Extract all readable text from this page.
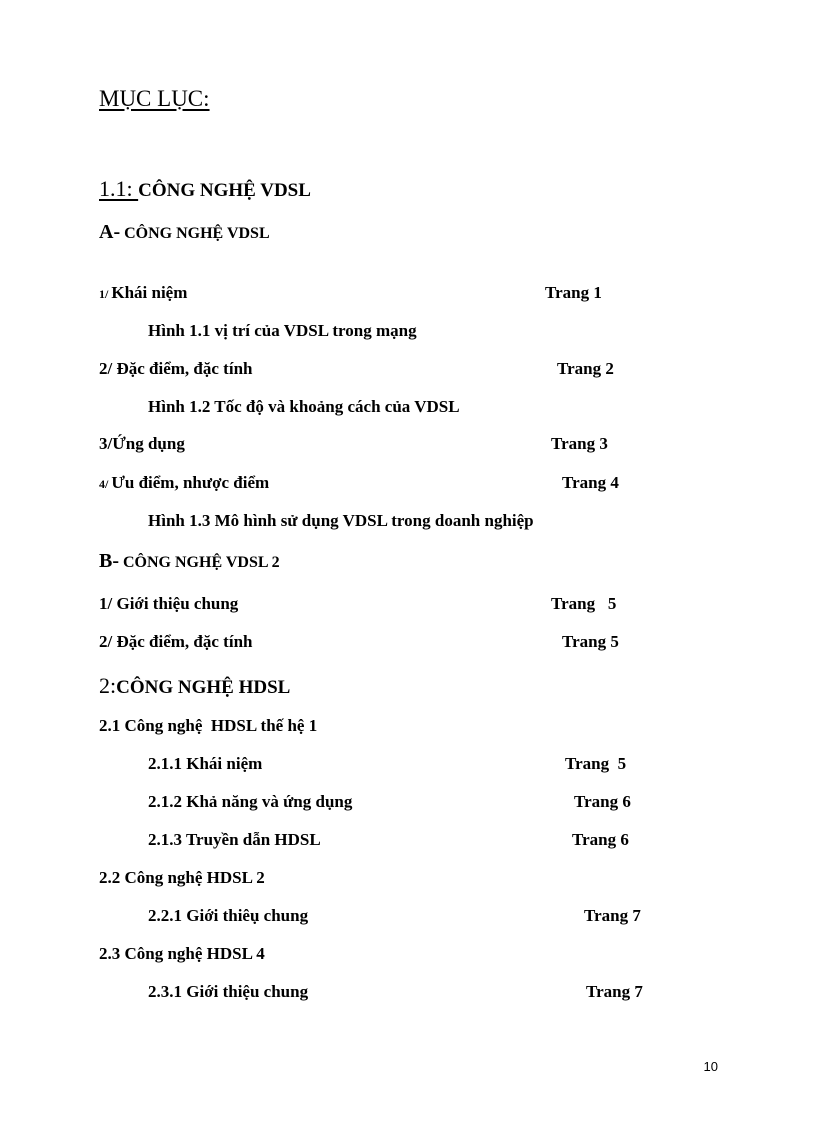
MỤC LỤC:
1.1: CÔNG NGHỆ VDSL
A- CÔNG NGHỆ VDSL
1/ Khái niệm	Trang 1
Hình 1.1 vị trí của VDSL trong mạng
2/ Đặc điểm, đặc tính	Trang 2
Hình 1.2 Tốc độ và khoảng cách của VDSL
3/Ứng dụng	Trang 3
4/ Ưu điểm, nhược điểm	Trang 4
Hình 1.3 Mô hình sử dụng VDSL trong doanh nghiệp
B- CÔNG NGHỆ VDSL 2
1/ Giới thiệu chung	Trang   5
2/ Đặc điểm, đặc tính	Trang 5
2:CÔNG NGHỆ HDSL
2.1 Công nghệ  HDSL thế hệ 1
2.1.1 Khái niệm	Trang  5
2.1.2 Khả năng và ứng dụng	Trang 6
2.1.3 Truyền dẫn HDSL	Trang 6
2.2 Công nghệ HDSL 2
2.2.1 Giới thiêụ chung	Trang 7
2.3 Công nghệ HDSL 4
2.3.1 Giới thiệu chung	Trang 7
10
